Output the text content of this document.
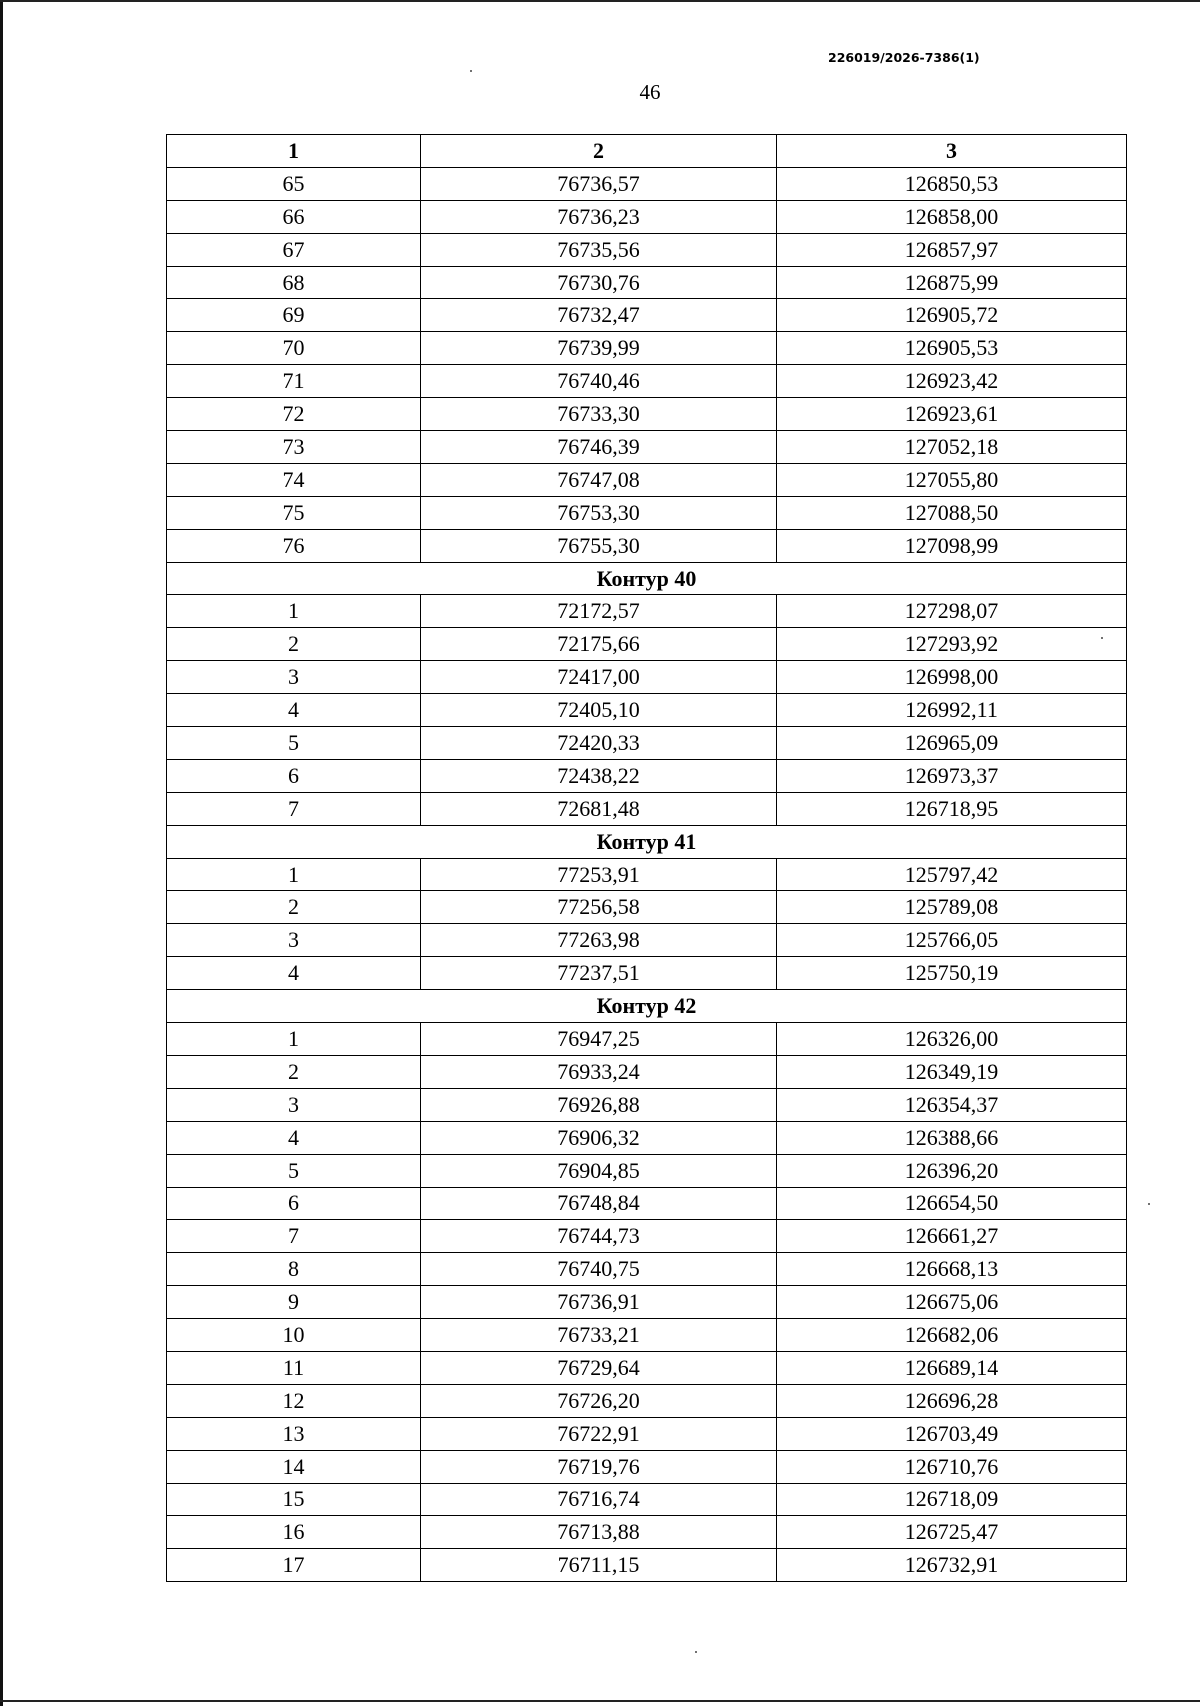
226019/2026-7386(1)
46
1	2	3
65	76736,57	126850,53
66	76736,23	126858,00
67	76735,56	126857,97
68	76730,76	126875,99
69	76732,47	126905,72
70	76739,99	126905,53
71	76740,46	126923,42
72	76733,30	126923,61
73	76746,39	127052,18
74	76747,08	127055,80
75	76753,30	127088,50
76	76755,30	127098,99
Контур 40		
1	72172,57	127298,07
2	72175,66	127293,92
3	72417,00	126998,00
4	72405,10	126992,11
5	72420,33	126965,09
6	72438,22	126973,37
7	72681,48	126718,95
Контур 41		
1	77253,91	125797,42
2	77256,58	125789,08
3	77263,98	125766,05
4	77237,51	125750,19
Контур 42		
1	76947,25	126326,00
2	76933,24	126349,19
3	76926,88	126354,37
4	76906,32	126388,66
5	76904,85	126396,20
6	76748,84	126654,50
7	76744,73	126661,27
8	76740,75	126668,13
9	76736,91	126675,06
10	76733,21	126682,06
11	76729,64	126689,14
12	76726,20	126696,28
13	76722,91	126703,49
14	76719,76	126710,76
15	76716,74	126718,09
16	76713,88	126725,47
17	76711,15	126732,91
